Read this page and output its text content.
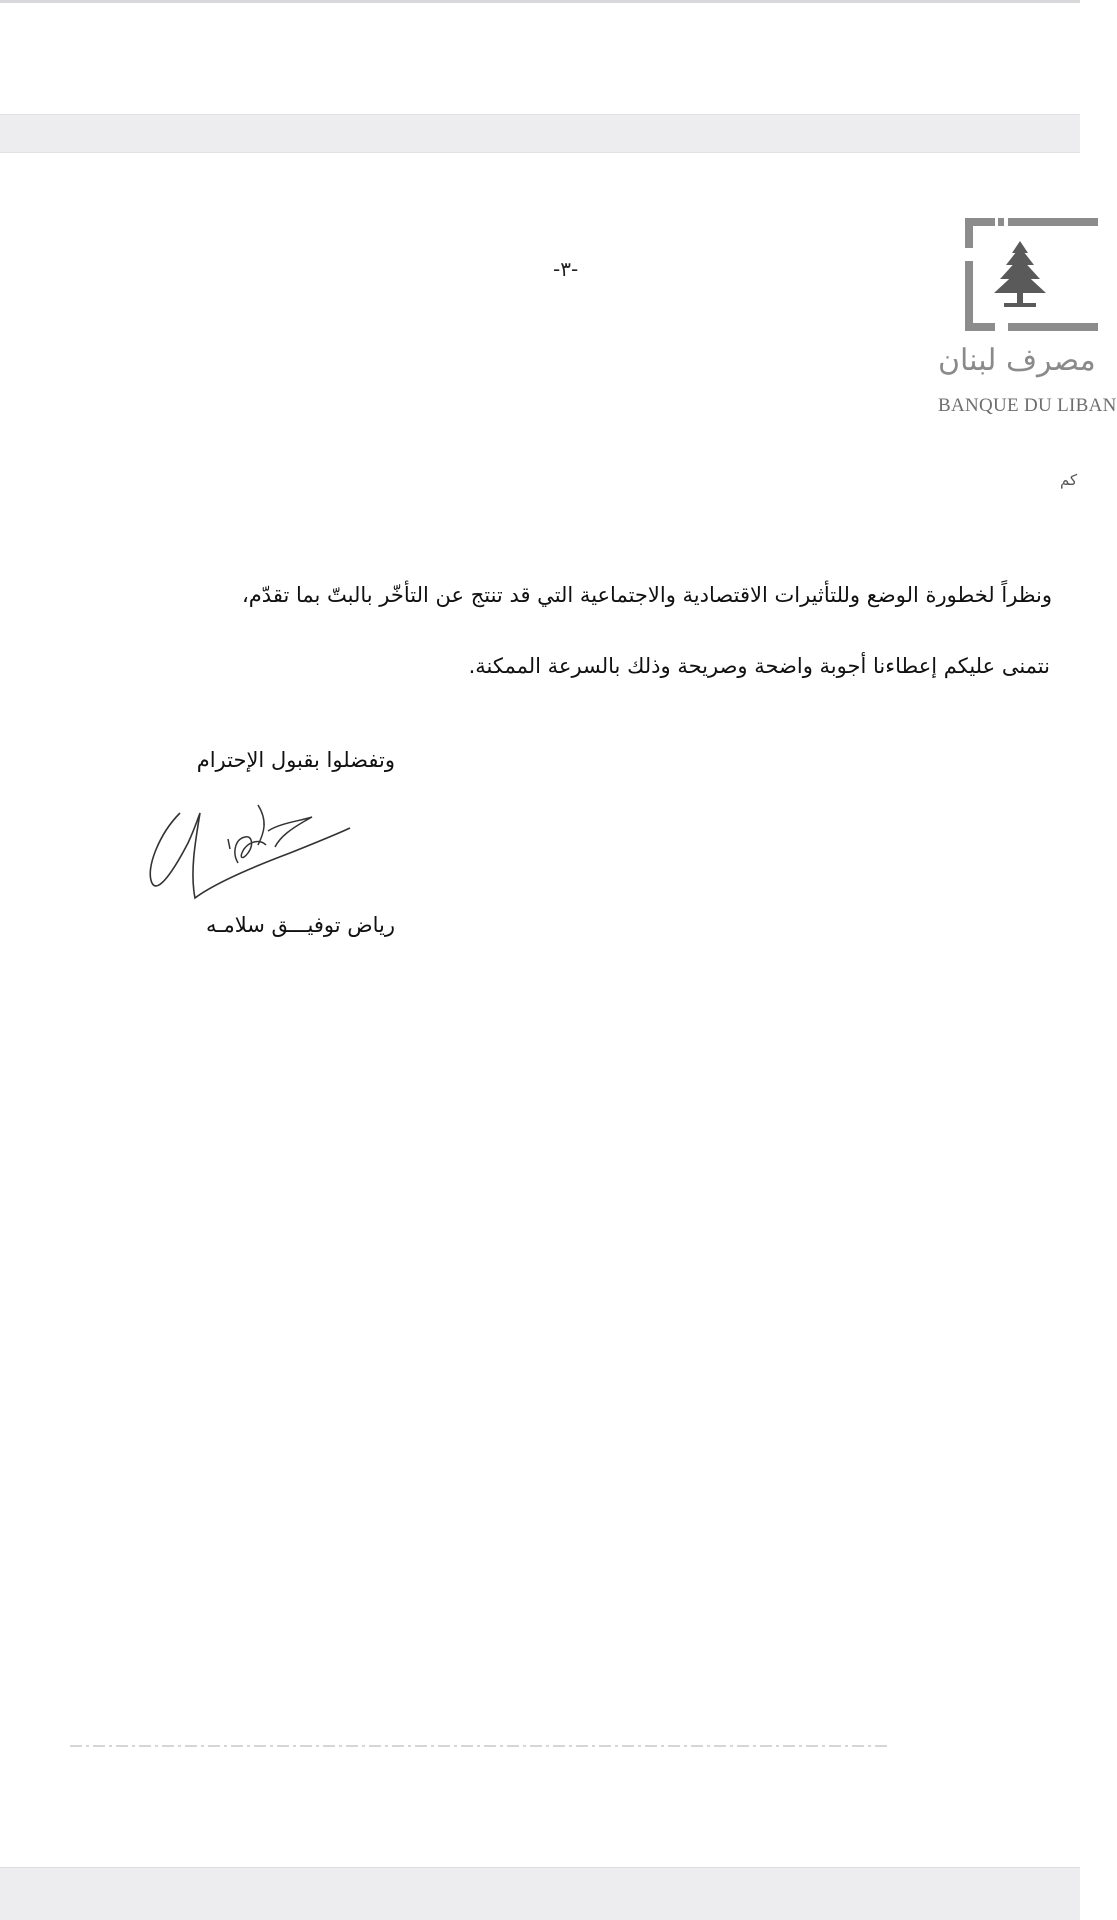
مصرف لبنان
BANQUE DU LIBAN
-٣-
كم
ونظراً لخطورة الوضع وللتأثيرات الاقتصادية والاجتماعية التي قد تنتج عن التأخّر بالبتّ بما تقدّم،
نتمنى عليكم إعطاءنا أجوبة واضحة وصريحة وذلك بالسرعة الممكنة.
وتفضلوا بقبول الإحترام
رياض توفيـــق سلامـه
